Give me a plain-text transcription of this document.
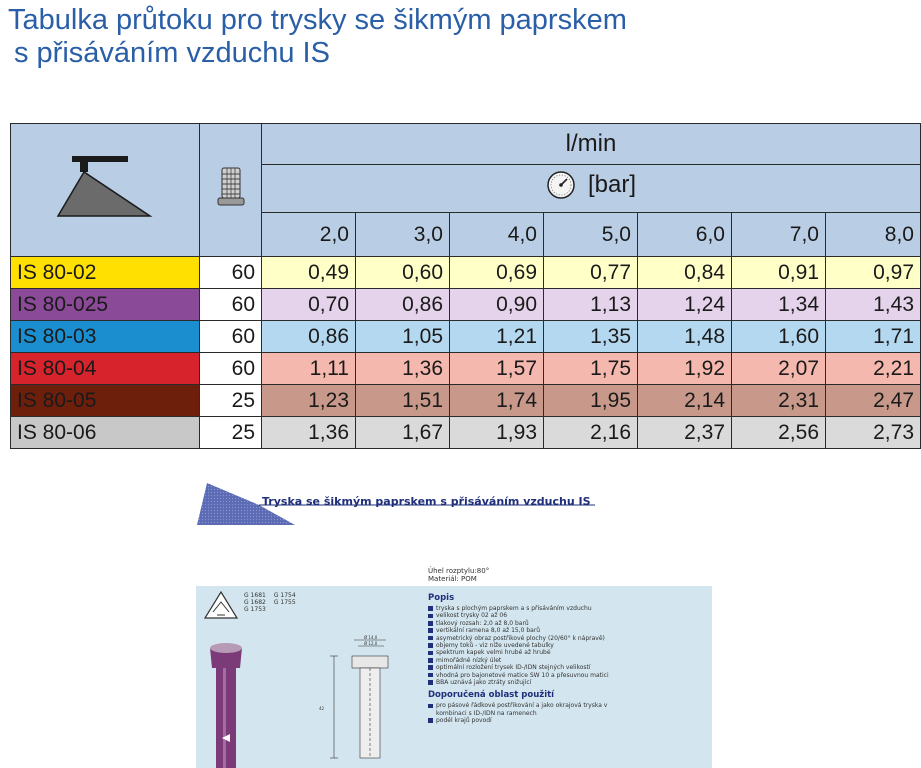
Tabulka průtoku pro trysky se šikmým paprskem
s přisáváním vzduchu IS
		l/min						

		[bar]						

		2,0	3,0	4,0	5,0	6,0	7,0	8,0
IS 80-02	60	0,49	0,60	0,69	0,77	0,84	0,91	0,97
IS 80-025	60	0,70	0,86	0,90	1,13	1,24	1,34	1,43
IS 80-03	60	0,86	1,05	1,21	1,35	1,48	1,60	1,71
IS 80-04	60	1,11	1,36	1,57	1,75	1,92	2,07	2,21
IS 80-05	25	1,23	1,51	1,74	1,95	2,14	2,31	2,47
IS 80-06	25	1,36	1,67	1,93	2,16	2,37	2,56	2,73
Tryska se šikmým paprskem s přisáváním vzduchu IS
Úhel rozptylu:80°
Materiál: POM
G 1681 G 1754
G 1682 G 1755
G 1753
Ø 14,0
Ø 12,0
42
Popis
tryska s plochým paprskem a s přisáváním vzduchu
velikost trysky 02 až 06
tlakový rozsah: 2,0 až 8,0 barů
vertikální ramena 8,0 až 15,0 barů
asymetrický obraz postřikové plochy (20/60° k nápravě)
objemy toků - viz níže uvedené tabulky
spektrum kapek velmi hrubé až hrubé
mimořádně nízký úlet
optimální rozložení trysek ID-/IDN stejných velikostí
vhodná pro bajonetové matice SW 10 a přesuvnou matici
BBA uznává jako ztráty snižující
Doporučená oblast použití
pro pásové řádkové postřikování a jako okrajová tryska v
kombinaci s ID-/IDN na ramenech
podél krajů povodí
